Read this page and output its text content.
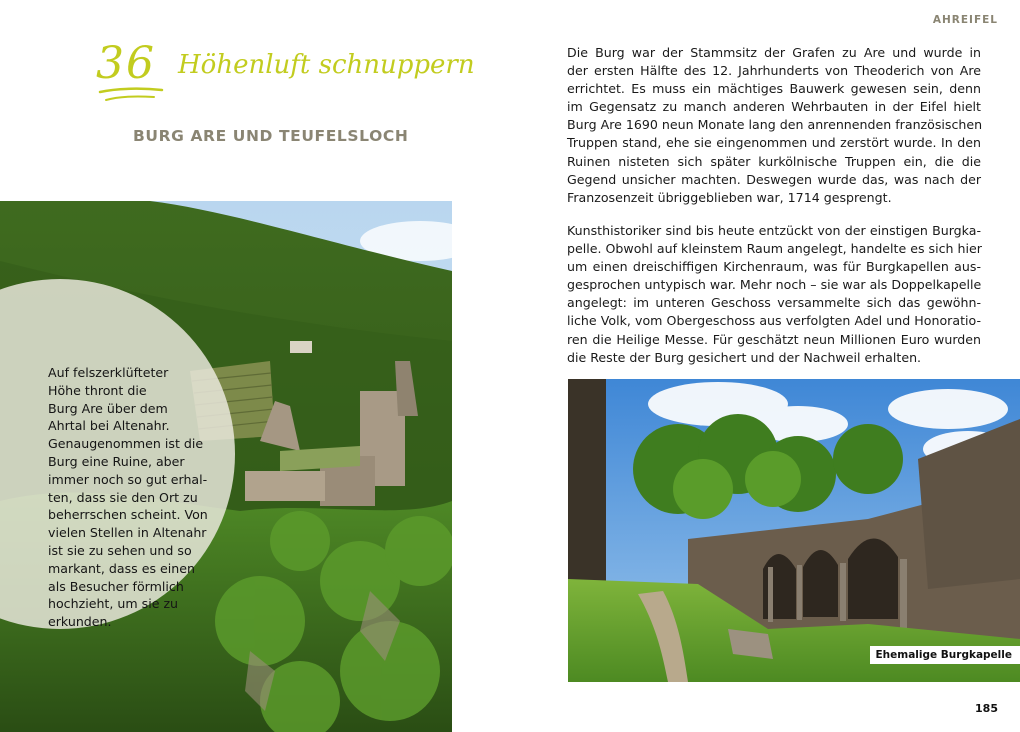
36 Höhenluft schnuppern
BURG ARE UND TEUFELSLOCH
Auf felszerklüfteter
Höhe thront die
Burg Are über dem
Ahrtal bei Altenahr.
Genaugenommen ist die
Burg eine Ruine, aber
immer noch so gut erhal-
ten, dass sie den Ort zu
beherrschen scheint. Von
vielen Stellen in Altenahr
ist sie zu sehen und so
markant, dass es einen
als Besucher förmlich
hochzieht, um sie zu
erkunden.
AHREIFEL
Die Burg war der Stammsitz der Grafen zu Are und wurde in
der ersten Hälfte des 12. Jahrhunderts von Theoderich von Are
errichtet. Es muss ein mächtiges Bauwerk gewesen sein, denn
im Gegensatz zu manch anderen Wehrbauten in der Eifel hielt
Burg Are 1690 neun Monate lang den anrennenden französischen
Truppen stand, ehe sie eingenommen und zerstört wurde. In den
Ruinen nisteten sich später kurkölnische Truppen ein, die die
Gegend unsicher machten. Deswegen wurde das, was nach der
Franzosenzeit übriggeblieben war, 1714 gesprengt.
Kunsthistoriker sind bis heute entzückt von der einstigen Burgka-
pelle. Obwohl auf kleinstem Raum angelegt, handelte es sich hier
um einen dreischiffigen Kirchenraum, was für Burgkapellen aus-
gesprochen untypisch war. Mehr noch – sie war als Doppelkapelle
angelegt: im unteren Geschoss versammelte sich das gewöhn-
liche Volk, vom Obergeschoss aus verfolgten Adel und Honoratio-
ren die Heilige Messe. Für geschätzt neun Millionen Euro wurden
die Reste der Burg gesichert und der Nachweil erhalten.
Ehemalige Burgkapelle
185
